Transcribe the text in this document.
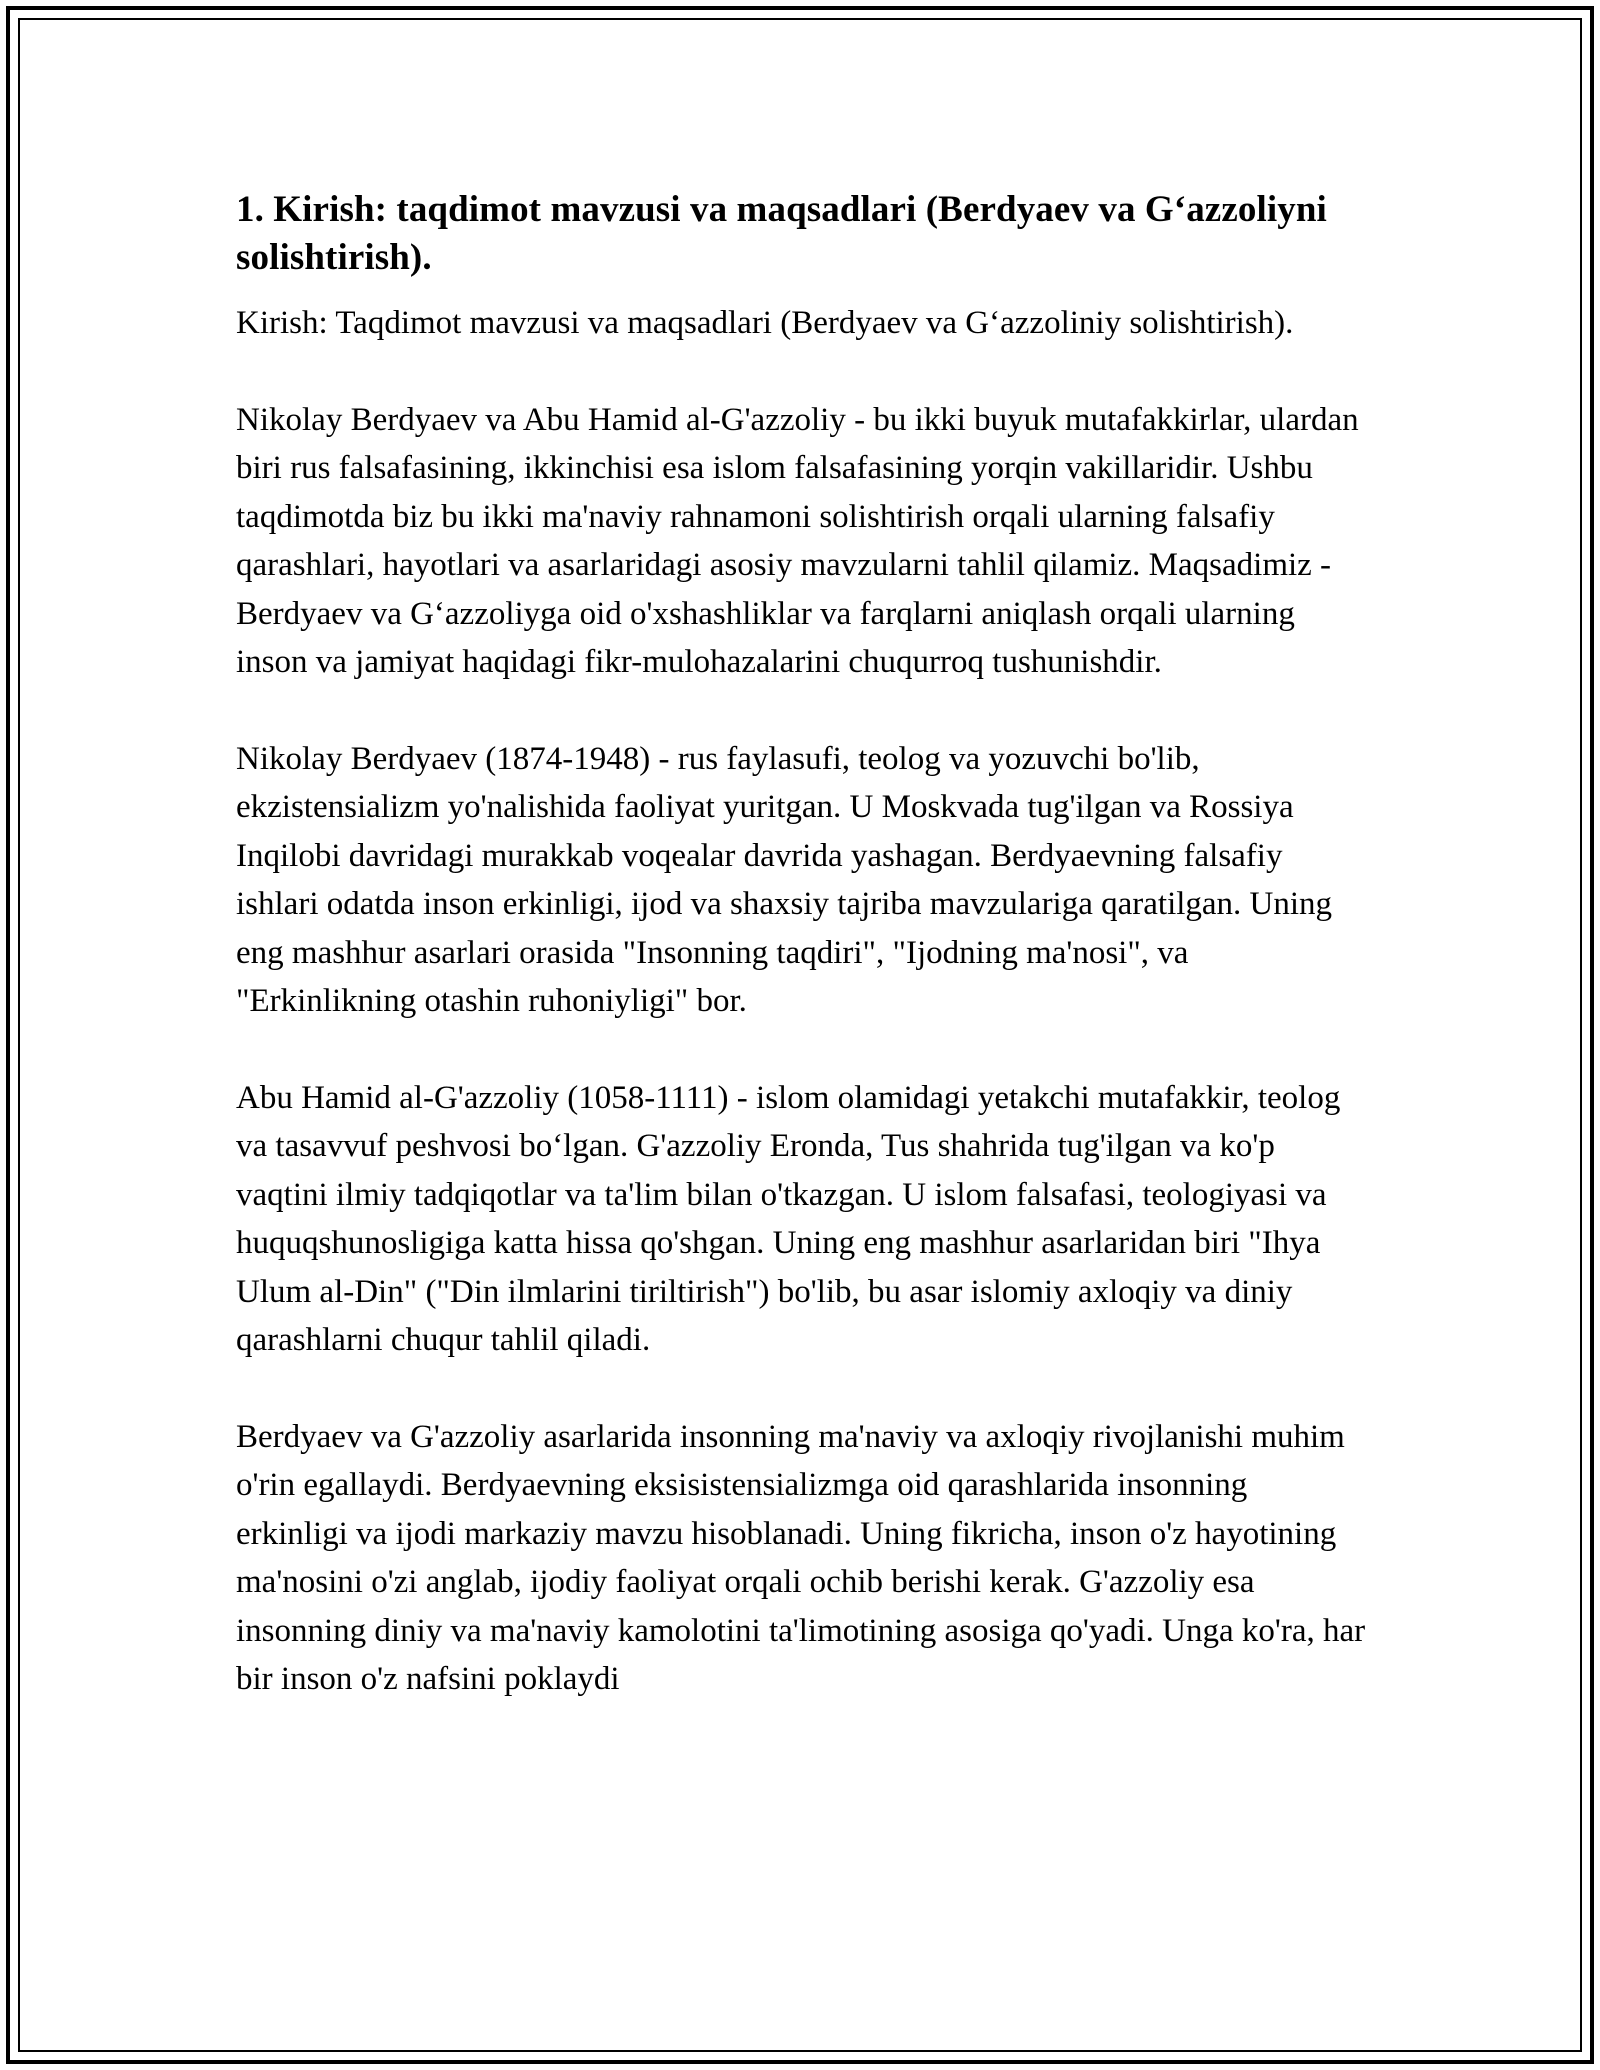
1. Kirish: taqdimot mavzusi va maqsadlari (Berdyaev va G‘azzoliyni solishtirish).

Kirish: Taqdimot mavzusi va maqsadlari (Berdyaev va G‘azzoliniy solishtirish).

Nikolay Berdyaev va Abu Hamid al-G'azzoliy - bu ikki buyuk mutafakkirlar, ulardan biri rus falsafasining, ikkinchisi esa islom falsafasining yorqin vakillaridir. Ushbu taqdimotda biz bu ikki ma'naviy rahnamoni solishtirish orqali ularning falsafiy qarashlari, hayotlari va asarlaridagi asosiy mavzularni tahlil qilamiz. Maqsadimiz - Berdyaev va G‘azzoliyga oid o'xshashliklar va farqlarni aniqlash orqali ularning inson va jamiyat haqidagi fikr-mulohazalarini chuqurroq tushunishdir.

Nikolay Berdyaev (1874-1948) - rus faylasufi, teolog va yozuvchi bo'lib, ekzistensializm yo'nalishida faoliyat yuritgan. U Moskvada tug'ilgan va Rossiya Inqilobi davridagi murakkab voqealar davrida yashagan. Berdyaevning falsafiy ishlari odatda inson erkinligi, ijod va shaxsiy tajriba mavzulariga qaratilgan. Uning eng mashhur asarlari orasida "Insonning taqdiri", "Ijodning ma'nosi", va "Erkinlikning otashin ruhoniyligi" bor.

Abu Hamid al-G'azzoliy (1058-1111) - islom olamidagi yetakchi mutafakkir, teolog va tasavvuf peshvosi bo‘lgan. G'azzoliy Eronda, Tus shahrida tug'ilgan va ko'p vaqtini ilmiy tadqiqotlar va ta'lim bilan o'tkazgan. U islom falsafasi, teologiyasi va huquqshunosligiga katta hissa qo'shgan. Uning eng mashhur asarlaridan biri "Ihya Ulum al-Din" ("Din ilmlarini tiriltirish") bo'lib, bu asar islomiy axloqiy va diniy qarashlarni chuqur tahlil qiladi.

Berdyaev va G'azzoliy asarlarida insonning ma'naviy va axloqiy rivojlanishi muhim o'rin egallaydi. Berdyaevning eksisistensializmga oid qarashlarida insonning erkinligi va ijodi markaziy mavzu hisoblanadi. Uning fikricha, inson o'z hayotining ma'nosini o'zi anglab, ijodiy faoliyat orqali ochib berishi kerak. G'azzoliy esa insonning diniy va ma'naviy kamolotini ta'limotining asosiga qo'yadi. Unga ko'ra, har bir inson o'z nafsini poklaydi
